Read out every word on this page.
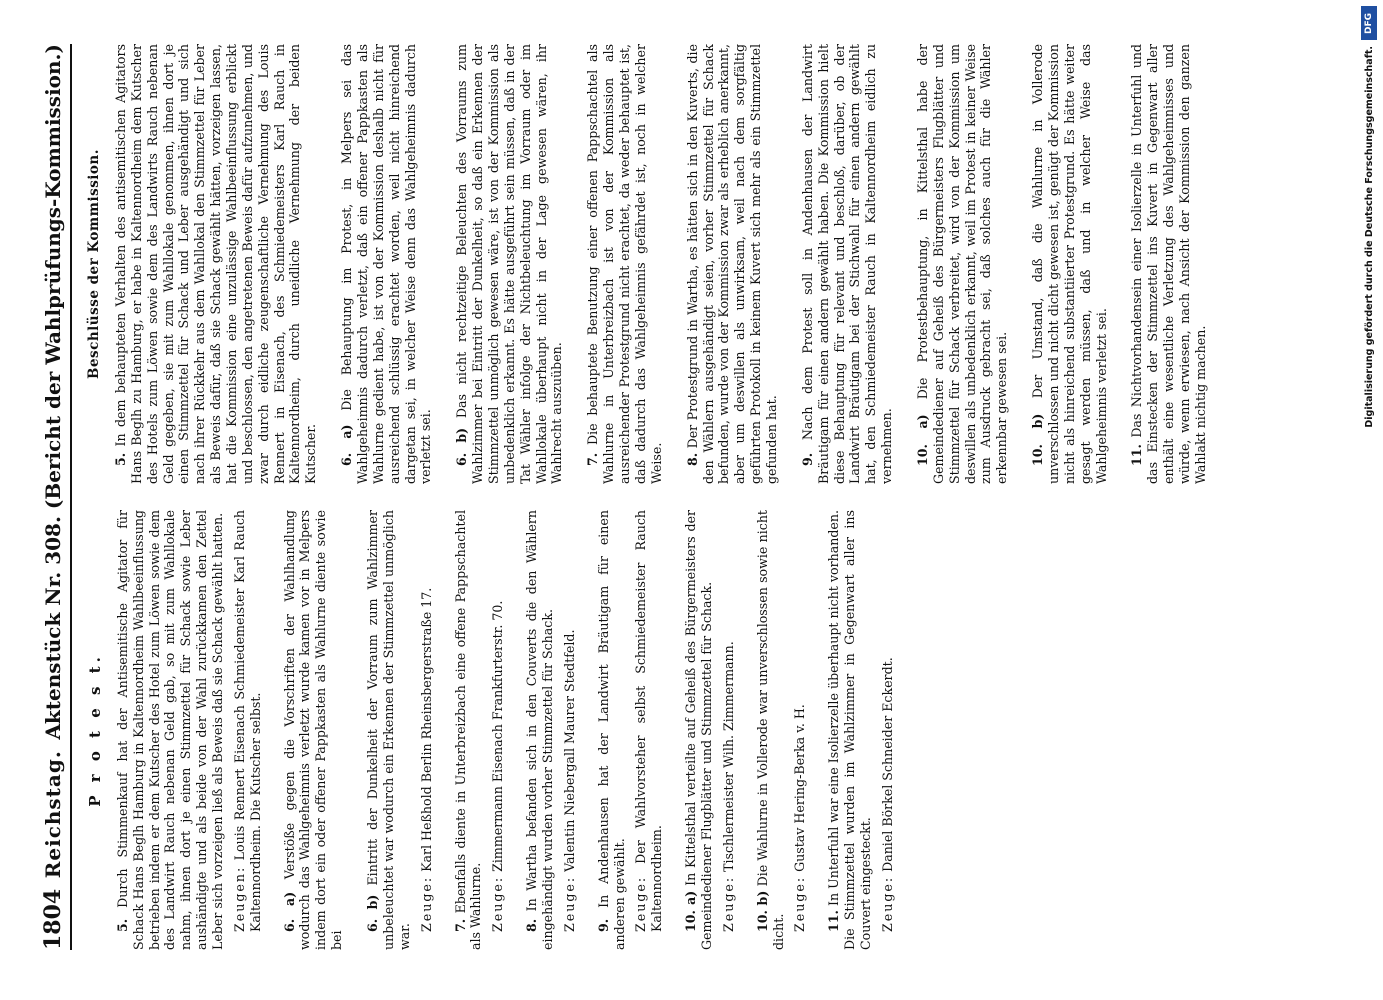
1804
Reichstag.
Aktenstück Nr. 308. (Bericht der Wahlprüfungs-Kommission.) P r o t e s t.

5. Durch Stimmenkauf hat der Antisemitische Agitator für Schack Hans Beglh Hamburg in Kaltennordheim Wahlbeeinflussung betrieben indem er dem Kutscher des Hotel zum Löwen sowie dem des Landwirt Rauch nebenan Geld gab, so mit zum Wahllokale nahm, ihnen dort je einen Stimmzettel für Schack sowie Leber aushändigte und als beide von der Wahl zurückkamen den Zettel Leber sich vorzeigen ließ als Beweis daß sie Schack gewählt hatten. Zeugen: Louis Rennert Eisenach Schmiedemeister Karl Rauch Kaltennordheim. Die Kutscher selbst. 6. a) Verstöße gegen die Vorschriften der Wahlhandlung wodurch das Wahlgeheimnis verletzt wurde kamen vor in Melpers indem dort ein oder offener Pappkasten als Wahlurne diente sowie bei

6. b) Eintritt der Dunkelheit der Vorraum zum Wahlzimmer unbeleuchtet war wodurch ein Erkennen der Stimmzettel unmöglich war.

Zeuge: Karl Heßhold Berlin Rheinsbergerstraße 17.

7. Ebenfalls diente in Unterbreizbach eine offene Pappschachtel als Wahlurne. Zeuge: Zimmermann Eisenach Frankfurterstr. 70.

8. In Wartha befanden sich in den Couverts die den Wählern eingehändigt wurden vorher Stimmzettel für Schack. Zeuge: Valentin Niebergall Maurer Stedtfeld.

9. In Andenhausen hat der Landwirt Bräutigam für einen anderen gewählt. Zeuge: Der Wahlvorsteher selbst Schmiedemeister Rauch Kaltennordheim. 10. a) In Kittelsthal verteilte auf Geheiß des Bürgermeisters der Gemeindediener Flugblätter und Stimmzettel für Schack. Zeuge: Tischlermeister Wilh. Zimmermann.

10. b) Die Wahlurne in Vollerode war unverschlossen sowie nicht dicht. Zeuge: Gustav Hering-Berka v. H.

11. In Unterfuhl war eine Isolierzelle überhaupt nicht vorhanden. Die Stimmzettel wurden im Wahlzimmer in Gegenwart aller ins Couvert eingesteckt. Zeuge: Daniel Börkel Schneider Eckerdt.

Beschlüsse der Kommission.

5. In dem behaupteten Verhalten des antisemitischen Agitators Hans Beglh zu Hamburg, er habe in Kaltennordheim dem Kutscher des Hotels zum Löwen sowie dem des Landwirts Rauch nebenan Geld gegeben, sie mit zum Wahllokale genommen, ihnen dort je einen Stimmzettel für Schack und Leber ausgehändigt und sich nach ihrer Rückkehr aus dem Wahllokal den Stimmzettel für Leber als Beweis dafür, daß sie Schack gewählt hätten, vorzeigen lassen, hat die Kommission eine unzulässige Wahlbeeinflussung erblickt und beschlossen, den angetretenen Beweis dafür aufzunehmen, und zwar durch eidliche zeugenschaftliche Vernehmung des Louis Rennert in Eisenach, des Schmiedemeisters Karl Rauch in Kaltennordheim, durch uneidliche Vernehmung der beiden Kutscher. 6. a) Die Behauptung im Protest, in Melpers sei das Wahlgeheimnis dadurch verletzt, daß ein offener Pappkasten als Wahlurne gedient habe, ist von der Kommission deshalb nicht für ausreichend schlüssig erachtet worden, weil nicht hinreichend dargetan sei, in welcher Weise denn das Wahlgeheimnis dadurch verletzt sei. 6. b) Das nicht rechtzeitige Beleuchten des Vorraums zum Wahlzimmer bei Eintritt der Dunkelheit, so daß ein Erkennen der Stimmzettel unmöglich gewesen wäre, ist von der Kommission als unbedenklich erkannt. Es hätte ausgeführt sein müssen, daß in der Tat Wähler infolge der Nichtbeleuchtung im Vorraum oder im Wahllokale überhaupt nicht in der Lage gewesen wären, ihr Wahlrecht auszuüben. 7. Die behauptete Benutzung einer offenen Pappschachtel als Wahlurne in Unterbreizbach ist von der Kommission als ausreichender Protestgrund nicht erachtet, da weder behauptet ist, daß dadurch das Wahlgeheimnis gefährdet ist, noch in welcher Weise. 8. Der Protestgrund in Wartha, es hätten sich in den Kuverts, die den Wählern ausgehändigt seien, vorher Stimmzettel für Schack befunden, wurde von der Kommission zwar als erheblich anerkannt, aber um deswillen als unwirksam, weil nach dem sorgfältig geführten Protokoll in keinem Kuvert sich mehr als ein Stimmzettel gefunden hat. 9. Nach dem Protest soll in Andenhausen der Landwirt Bräutigam für einen andern gewählt haben. Die Kommission hielt diese Behauptung für relevant und beschloß, darüber, ob der Landwirt Bräutigam bei der Stichwahl für einen andern gewählt hat, den Schmiedemeister Rauch in Kaltennordheim eidlich zu vernehmen. 10. a) Die Protestbehauptung, in Kittelsthal habe der Gemeindediener auf Geheiß des Bürgermeisters Flugblätter und Stimmzettel für Schack verbreitet, wird von der Kommission um deswillen als unbedenklich erkannt, weil im Protest in keiner Weise zum Ausdruck gebracht sei, daß solches auch für die Wähler erkennbar gewesen sei. 10. b) Der Umstand, daß die Wahlurne in Vollerode unverschlossen und nicht dicht gewesen ist, genügt der Kommission nicht als hinreichend substantiierter Protestgrund. Es hätte weiter gesagt werden müssen, daß und in welcher Weise das Wahlgeheimnis verletzt sei. 11. Das Nichtvorhandensein einer Isolierzelle in Unterfuhl und das Einstecken der Stimmzettel ins Kuvert in Gegenwart aller enthält eine wesentliche Verletzung des Wahlgeheimnisses und würde, wenn erwiesen, nach Ansicht der Kommission den ganzen Wahlakt nichtig machen.

DFG
Digitalisierung gefördert durch die Deutsche Forschungsgemeinschaft.
